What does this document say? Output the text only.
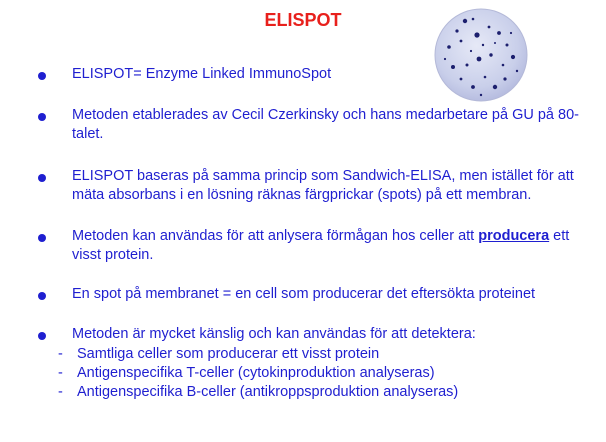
ELISPOT
ELISPOT= Enzyme Linked ImmunoSpot
Metoden etablerades av Cecil Czerkinsky och hans medarbetare på GU på 80-talet.
ELISPOT baseras på samma princip som Sandwich-ELISA, men istället för att mäta absorbans i en lösning räknas färgprickar (spots) på ett membran.
Metoden kan användas för att anlysera förmågan hos celler att producera ett visst protein.
En spot på membranet = en cell som producerar det eftersökta proteinet
Metoden är mycket känslig och kan användas för att detektera:
- Samtliga celler som producerar ett visst protein
- Antigenspecifika T-celler (cytokinproduktion analyseras)
- Antigenspecifika B-celler (antikroppsproduktion analyseras)
